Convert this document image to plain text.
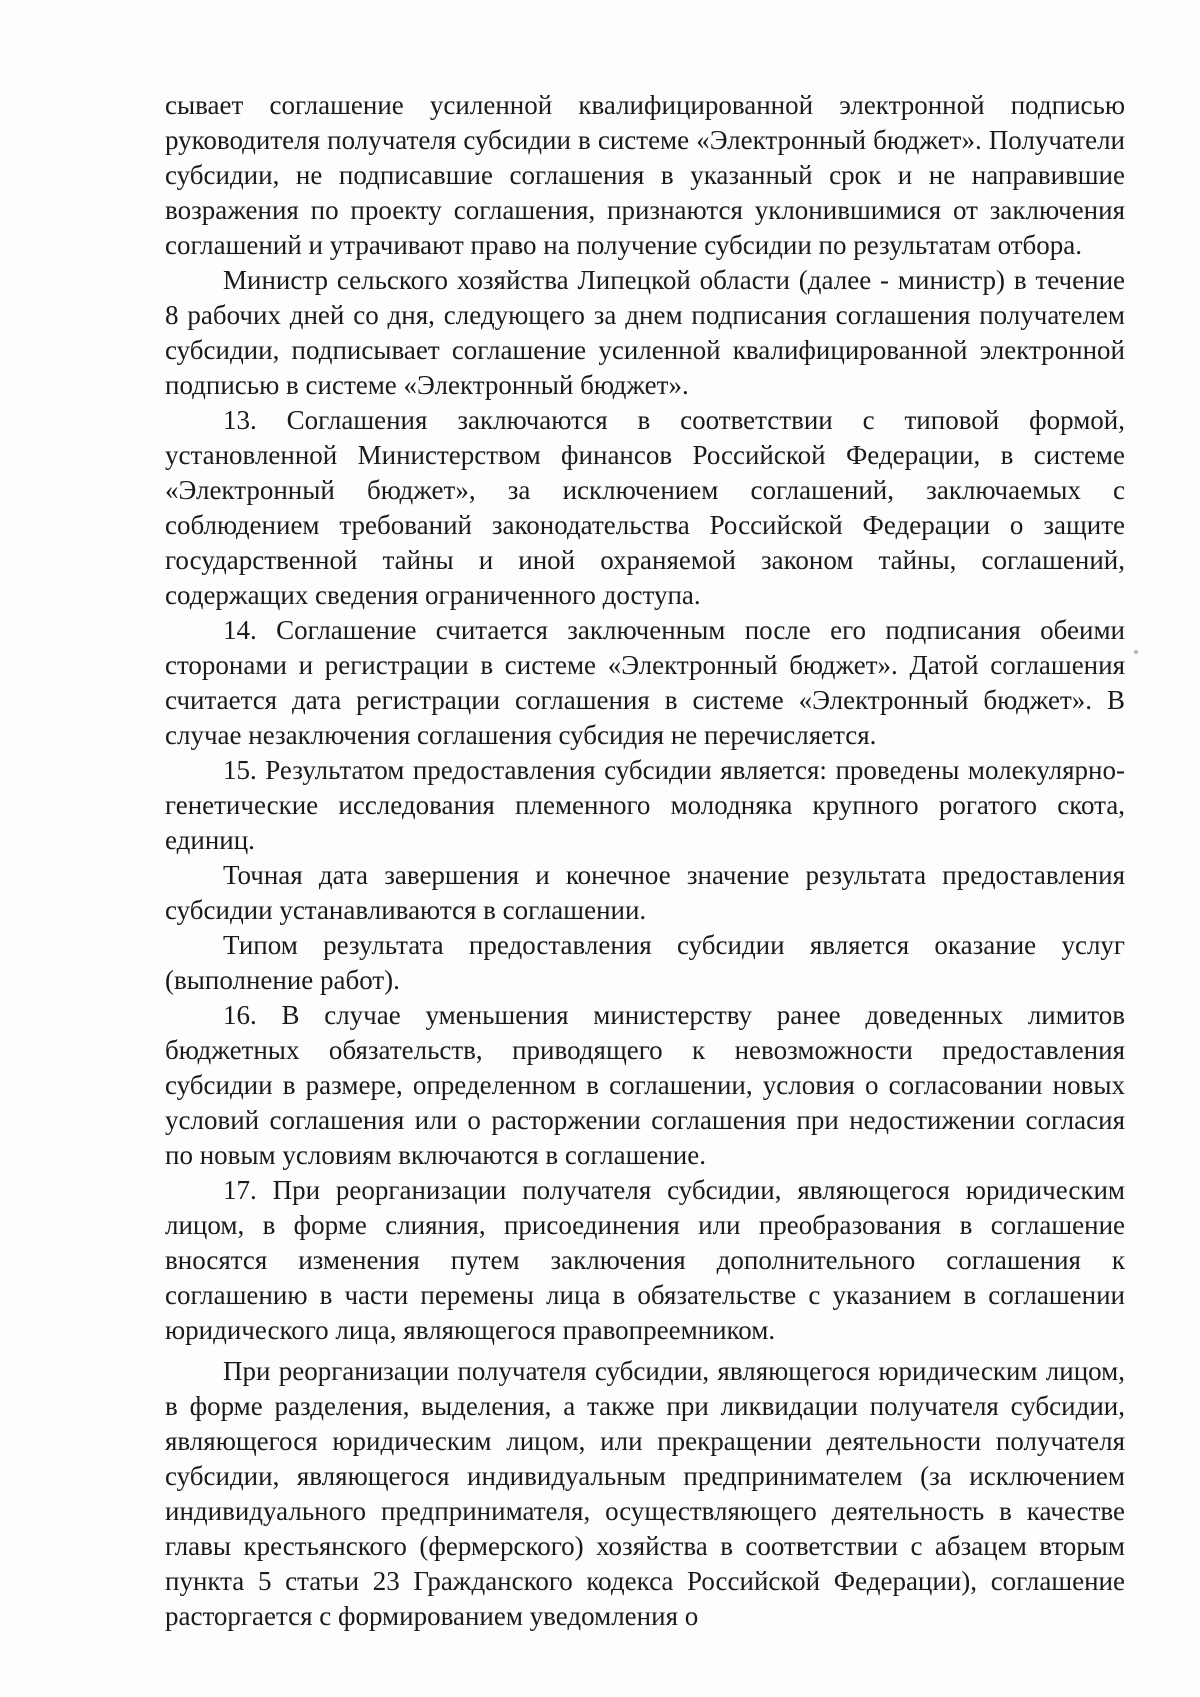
сывает соглашение усиленной квалифицированной электронной подписью руководителя получателя субсидии в системе «Электронный бюджет». Получатели субсидии, не подписавшие соглашения в указанный срок и не направившие возражения по проекту соглашения, признаются уклонившимися от заключения соглашений и утрачивают право на получение субсидии по результатам отбора.

Министр сельского хозяйства Липецкой области (далее - министр) в течение 8 рабочих дней со дня, следующего за днем подписания соглашения получателем субсидии, подписывает соглашение усиленной квалифицированной электронной подписью в системе «Электронный бюджет».

13. Соглашения заключаются в соответствии с типовой формой, установленной Министерством финансов Российской Федерации, в системе «Электронный бюджет», за исключением соглашений, заключаемых с соблюдением требований законодательства Российской Федерации о защите государственной тайны и иной охраняемой законом тайны, соглашений, содержащих сведения ограниченного доступа.

14. Соглашение считается заключенным после его подписания обеими сторонами и регистрации в системе «Электронный бюджет». Датой соглашения считается дата регистрации соглашения в системе «Электронный бюджет». В случае незаключения соглашения субсидия не перечисляется.

15. Результатом предоставления субсидии является: проведены молекулярно-генетические исследования племенного молодняка крупного рогатого скота, единиц.

Точная дата завершения и конечное значение результата предоставления субсидии устанавливаются в соглашении.

Типом результата предоставления субсидии является оказание услуг (выполнение работ).

16. В случае уменьшения министерству ранее доведенных лимитов бюджетных обязательств, приводящего к невозможности предоставления субсидии в размере, определенном в соглашении, условия о согласовании новых условий соглашения или о расторжении соглашения при недостижении согласия по новым условиям включаются в соглашение.

17. При реорганизации получателя субсидии, являющегося юридическим лицом, в форме слияния, присоединения или преобразования в соглашение вносятся изменения путем заключения дополнительного соглашения к соглашению в части перемены лица в обязательстве с указанием в соглашении юридического лица, являющегося правопреемником.

При реорганизации получателя субсидии, являющегося юридическим лицом, в форме разделения, выделения, а также при ликвидации получателя субсидии, являющегося юридическим лицом, или прекращении деятельности получателя субсидии, являющегося индивидуальным предпринимателем (за исключением индивидуального предпринимателя, осуществляющего деятельность в качестве главы крестьянского (фермерского) хозяйства в соответствии с абзацем вторым пункта 5 статьи 23 Гражданского кодекса Российской Федерации), соглашение расторгается с формированием уведомления о
